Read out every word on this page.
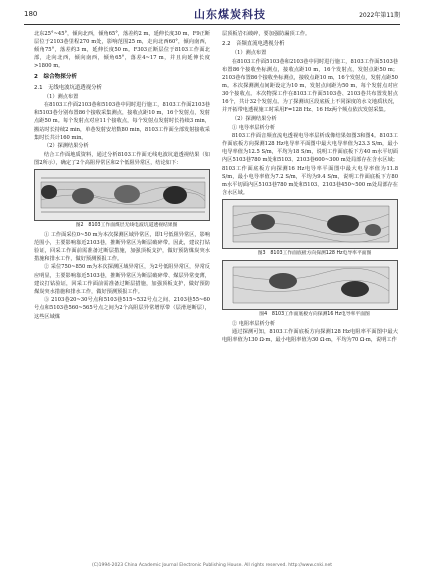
180	山东煤炭科技	2022年第11期

北东25°~45°，倾向北西，倾角65°，落差约2 m，延伸长度30 m，F9正断层位于2103巷里程270 m处，影响范围25 m，走向北西60°，倾向南西，倾角75°，落差约3 m，延伸长度50 m。F303正断层位于8103工作面北部，走向北西，倾向南西，倾角65°，落差4~17 m，并且向延伸长度>1800 m。

2　综合物探分析
2.1　无线电波坑道透视分析

（1）测点布置

在8103工作面2103巷和5103巷中同时进行施工，8103工作面2103巷和5103巷分别布置86个接收采集测点，接收点距10 m，16个发射点，发射点距50 m。每个发射点对应11个接收点，每个发射点发射时长持续3 min，搬站时长持续2 min，单巷发射安培数80 min，8103工作面全部发射接收采集时长共计160 min。

（2）探测结果分析

结合工作面地质资料，通过分析8103工作面无线电波坑道透视结果（如图2所示），确定了2个高阻异常区和2个低阻异常区，结论如下：

图2　8103工作面煤层无线电波坑道透视结果图

① 工作面采位0~50 m为本次探测区域异常区，即1号低阻异常区，影响范围小，主要影响靠近2103巷，推断异常区为断层破碎带。因此，建议打钻验证，回采工作面前需准备过断层措施，加强顶板支护，做好预防煤炭突水措施和排水工作，做好预测预报工作。

② 采位750~850 m为本次探测区域异常区，为2号低阻异常区，异常反应明显，主要影响靠近5103巷，推断异常区为断层破碎带、煤层异常变薄，建议打钻验证，回采工作面前需准备过断层措施，加强顶板支护，做好预防煤炭突水措施和排水工作，做好预测预报工作。

③ 2103巷20~30号点和5103巷515~532号点之间、2103巷55~60号点和5103巷560~565号点之间为2个高阻层异常增厚带（层滑逆断层），这些区域煤

层顶板岩石破碎，要加强防漏顶工作。

2.2　音频直流电透视分析

（1）测点布置

在8103工作面5103巷和2103巷中同时进行施工，8103工作面5103巷布置86个接收坐标测点，接收点距10 m，16个发射点，发射点距50 m；2103巷布置86个接收坐标测点，接收点距10 m，16个发射点，发射点距50 m。本次探测测点间距设定为10 m，发射点间距为50 m，每个发射点对应30个接收点。本次物探工作在8103工作面5103巷、2103巷共布置发射点16个，共计32个发射点。为了探测该区段底板上不同深度的水文地质状况，并开拓带电透视施工时采用F=128 Hz、16 Hz两个频点依次发射采集。

（2）探测结果分析

① 电导率层析分析

8103工作面音频直流电透视电导率层析成像结果如图3和图4。8103工作面底板方向探测128 Hz电导率平面图中最大电导率值为23.3 S/m，最小电导率值为12.5 S/m，平均为18 S/m，说明工作面底板下方40 m水平切面内区5103巷780 m处和5103、2103巷600~300 m处局部存在含水区域；8103工作面底板方向探测16 Hz电导率平面图中最大电导率值为11.8 S/m，最小电导率值为7.2 S/m，平均为9.4 S/m，说明工作面底板下方80 m水平切面内区5103巷780 m处和5103、2103巷450~500 m处局部存在含水区域。

图3　8103工作面底板方向探测128 Hz电导率平面图

图4　8103工作面底板方向探测16 Hz电导率平面图

② 电阻率层析分析

通过探测可知，8103工作面底板方向探测128 Hz电阻率平面图中最大电阻率值为130 Ω·m，最小电阻率值为30 Ω·m，平均为70 Ω·m，说明工作

(C)1994-2023 China Academic Journal Electronic Publishing House. All rights reserved. http://www.cnki.net
